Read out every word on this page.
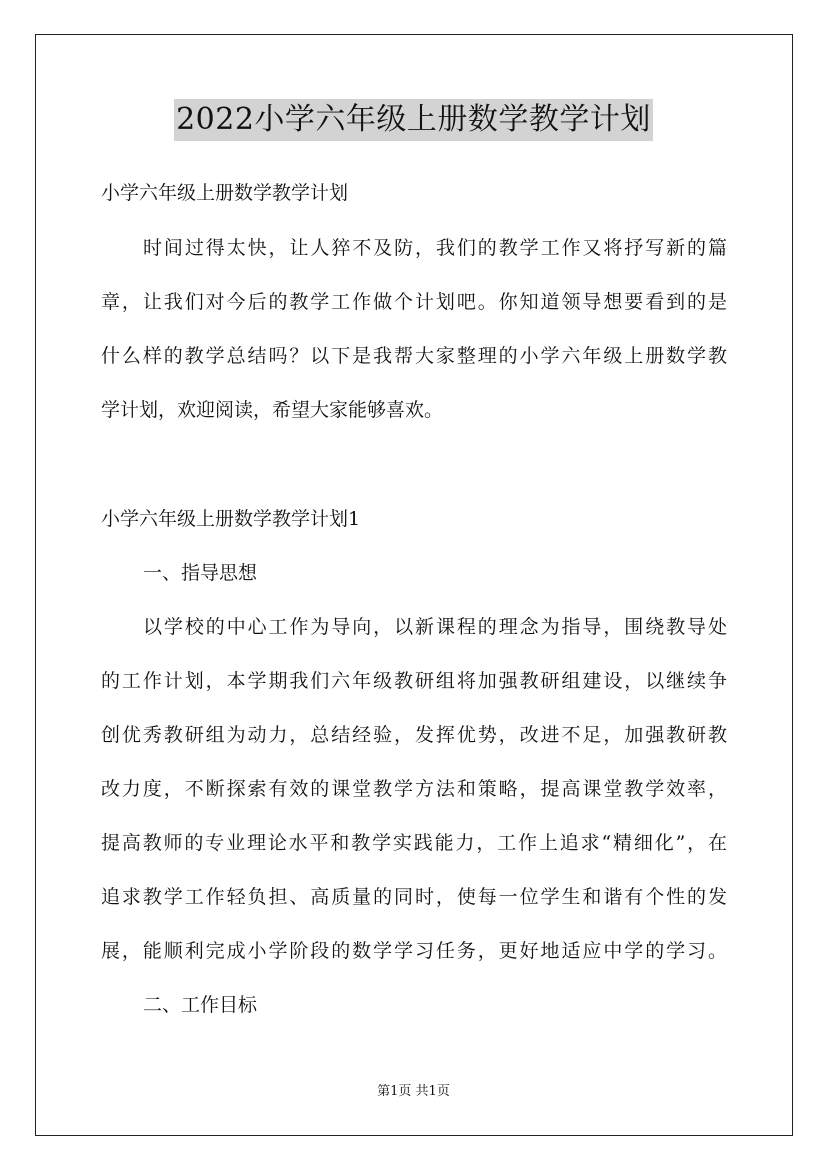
2022小学六年级上册数学教学计划
小学六年级上册数学教学计划
时间过得太快，让人猝不及防，我们的教学工作又将抒写新的篇
章，让我们对今后的教学工作做个计划吧。你知道领导想要看到的是
什么样的教学总结吗？以下是我帮大家整理的小学六年级上册数学教
学计划，欢迎阅读，希望大家能够喜欢。
小学六年级上册数学教学计划1
一、指导思想
以学校的中心工作为导向，以新课程的理念为指导，围绕教导处
的工作计划，本学期我们六年级教研组将加强教研组建设，以继续争
创优秀教研组为动力，总结经验，发挥优势，改进不足，加强教研教
改力度，不断探索有效的课堂教学方法和策略，提高课堂教学效率，
提高教师的专业理论水平和教学实践能力，工作上追求“精细化”，在
追求教学工作轻负担、高质量的同时，使每一位学生和谐有个性的发
展，能顺利完成小学阶段的数学学习任务，更好地适应中学的学习。
二、工作目标
第1页 共1页
